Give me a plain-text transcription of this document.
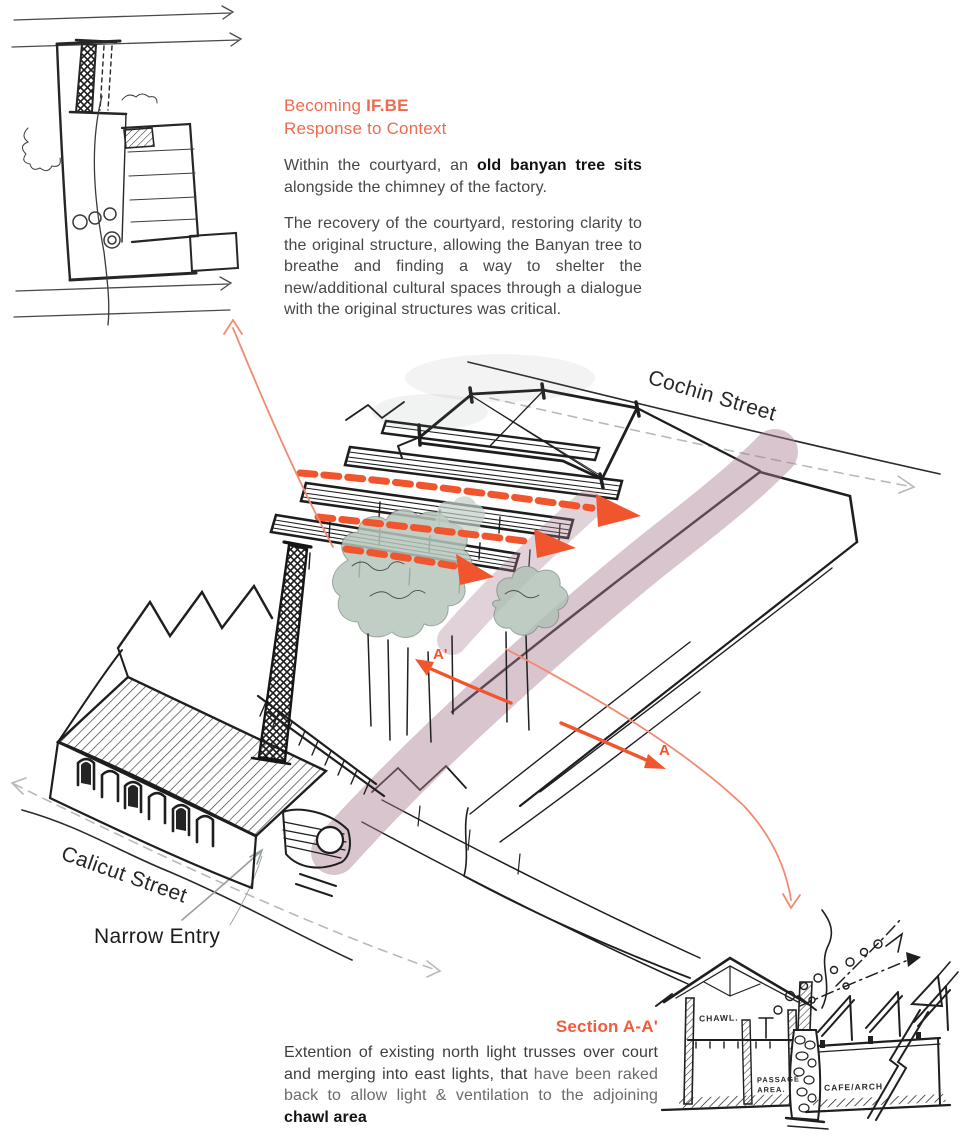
Becoming IF.BE
Response to Context

Within the courtyard, an old banyan tree sits alongside the chimney of the factory.

The recovery of the courtyard, restoring clarity to the original structure, allowing the Banyan tree to breathe and finding a way to shelter the new/additional cultural spaces through a dialogue with the original structures was critical.

Cochin Street
Calicut Street
Narrow Entry
A'
A
CHAWL.
PASSAGE
AREA.	CAFE/ARCH
Section A-A'

Extention of existing north light trusses over court and merging into east lights, that have been raked back to allow light & ventilation to the adjoining chawl area
